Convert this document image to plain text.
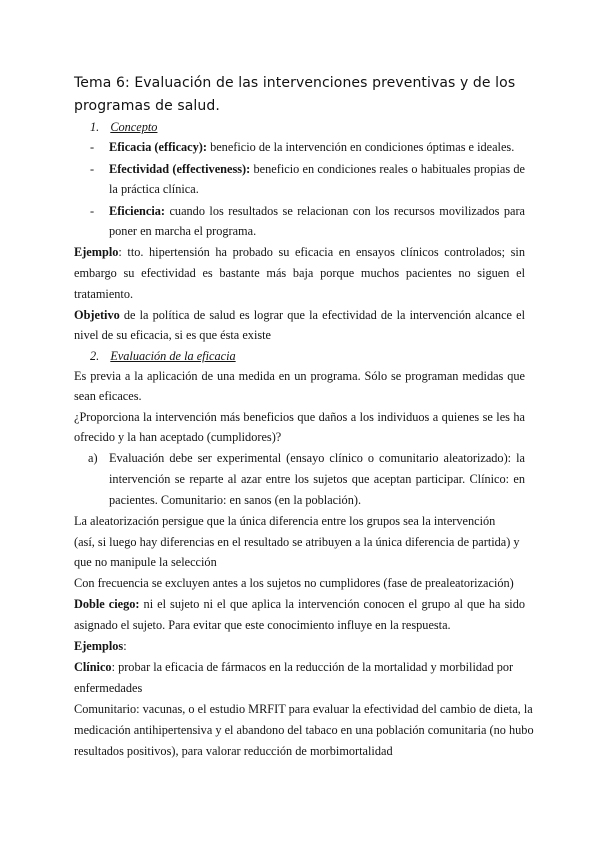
Tema 6: Evaluación de las intervenciones preventivas y de los
programas de salud.
1. Concepto
- Eficacia (efficacy): beneficio de la intervención en condiciones óptimas e ideales.
- Efectividad (effectiveness): beneficio en condiciones reales o habituales propias de
la práctica clínica.
- Eficiencia: cuando los resultados se relacionan con los recursos movilizados para
poner en marcha el programa.
Ejemplo: tto. hipertensión ha probado su eficacia en ensayos clínicos controlados; sin
embargo su efectividad es bastante más baja porque muchos pacientes no siguen el
tratamiento.
Objetivo de la política de salud es lograr que la efectividad de la intervención alcance el
nivel de su eficacia, si es que ésta existe
2. Evaluación de la eficacia
Es previa a la aplicación de una medida en un programa. Sólo se programan medidas que
sean eficaces.
¿Proporciona la intervención más beneficios que daños a los individuos a quienes se les ha
ofrecido y la han aceptado (cumplidores)?
a) Evaluación debe ser experimental (ensayo clínico o comunitario aleatorizado): la
intervención se reparte al azar entre los sujetos que aceptan participar. Clínico: en
pacientes. Comunitario: en sanos (en la población).
La aleatorización persigue que la única diferencia entre los grupos sea la intervención
(así, si luego hay diferencias en el resultado se atribuyen a la única diferencia de partida) y
que no manipule la selección
Con frecuencia se excluyen antes a los sujetos no cumplidores (fase de prealeatorización)
Doble ciego: ni el sujeto ni el que aplica la intervención conocen el grupo al que ha sido
asignado el sujeto. Para evitar que este conocimiento influye en la respuesta.
Ejemplos:
Clínico: probar la eficacia de fármacos en la reducción de la mortalidad y morbilidad por
enfermedades
Comunitario: vacunas, o el estudio MRFIT para evaluar la efectividad del cambio de dieta, la
medicación antihipertensiva y el abandono del tabaco en una población comunitaria (no hubo
resultados positivos), para valorar reducción de morbimortalidad
